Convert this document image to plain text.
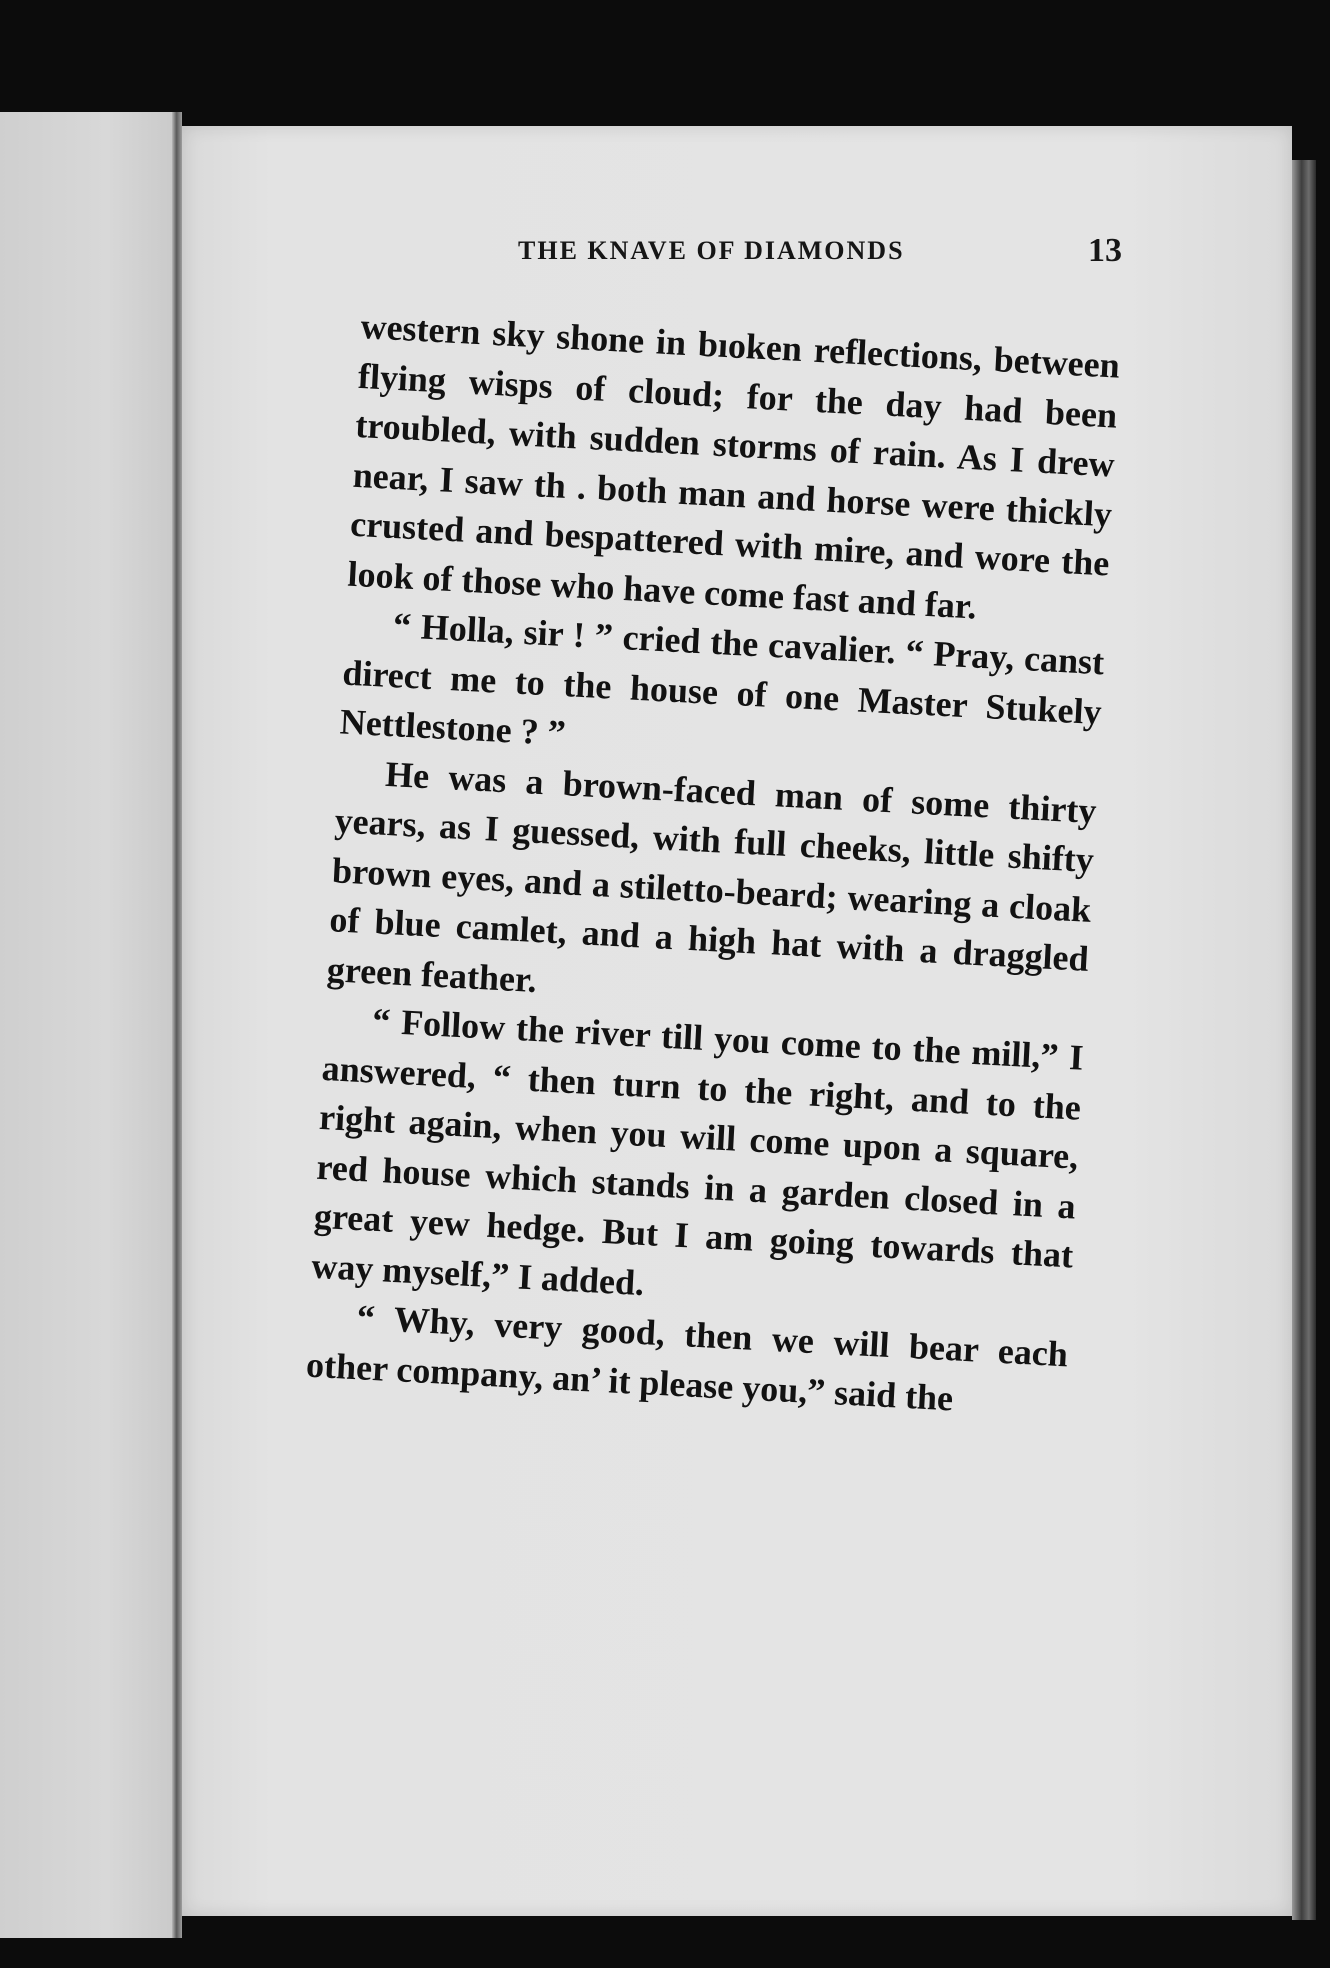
THE KNAVE OF DIAMONDS	13

western sky shone in bıoken reflections, between flying wisps of cloud; for the day had been troubled, with sudden storms of rain. As I drew near, I saw th . both man and horse were thickly crusted and bespattered with mire, and wore the look of those who have come fast and far.

“ Holla, sir ! ” cried the cavalier. “ Pray, canst direct me to the house of one Master Stukely Nettlestone ? ”

He was a brown-faced man of some thirty years, as I guessed, with full cheeks, little shifty brown eyes, and a stiletto-beard; wearing a cloak of blue camlet, and a high hat with a draggled green feather.

“ Follow the river till you come to the mill,” I answered, “ then turn to the right, and to the right again, when you will come upon a square, red house which stands in a garden closed in a great yew hedge. But I am going towards that way myself,” I added.

“ Why, very good, then we will bear each other company, an’ it please you,” said the
